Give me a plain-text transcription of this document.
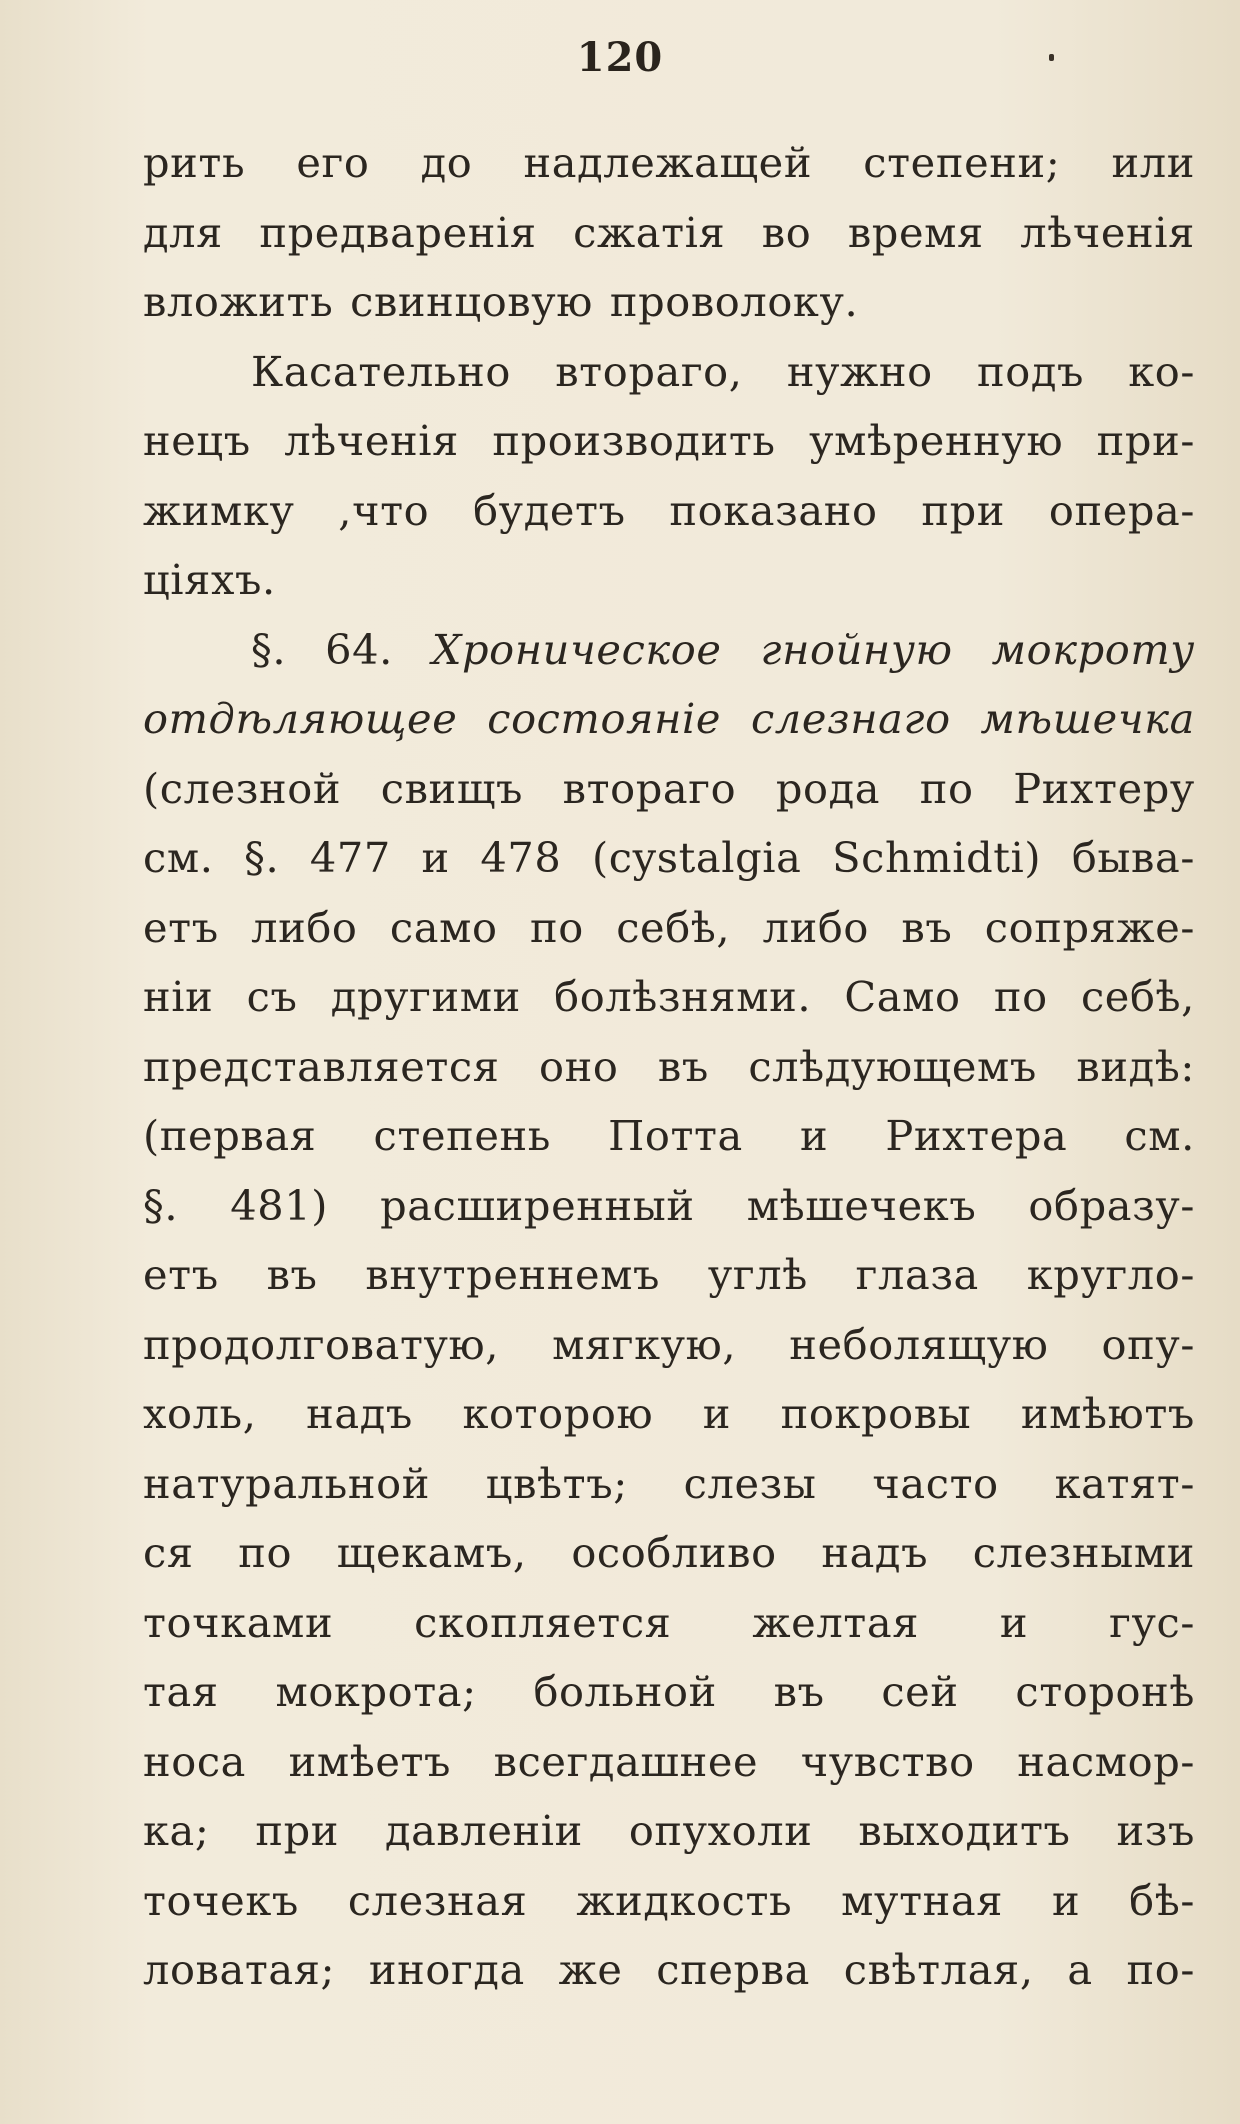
120
рить его до надлежащей степени; или
для предваренія сжатія во время лѣченія
вложить свинцовую проволоку.
Касательно втораго, нужно подъ ко-
нецъ лѣченія производить умѣренную при-
жимку ,что будетъ показано при опера-
ціяхъ.
§. 64. Хроническое гнойную мокроту
отдѣляющее состояніе слезнаго мѣшечка
(слезной свищъ втораго рода по Рихтеру
см. §. 477 и 478 (cystalgia Schmidti) быва-
етъ либо само по себѣ, либо въ сопряже-
ніи съ другими болѣзнями. Само по себѣ,
представляется оно въ слѣдующемъ видѣ:
(первая степень Потта и Рихтера см.
§. 481) расширенный мѣшечекъ образу-
етъ въ внутреннемъ углѣ глаза кругло-
продолговатую, мягкую, неболящую опу-
холь, надъ которою и покровы имѣютъ
натуральной цвѣтъ; слезы часто катят-
ся по щекамъ, особливо надъ слезными
точками скопляется желтая и гус-
тая мокрота; больной въ сей сторонѣ
носа имѣетъ всегдашнее чувство насмор-
ка; при давленіи опухоли выходитъ изъ
точекъ слезная жидкость мутная и бѣ-
ловатая; иногда же сперва свѣтлая, а по-
